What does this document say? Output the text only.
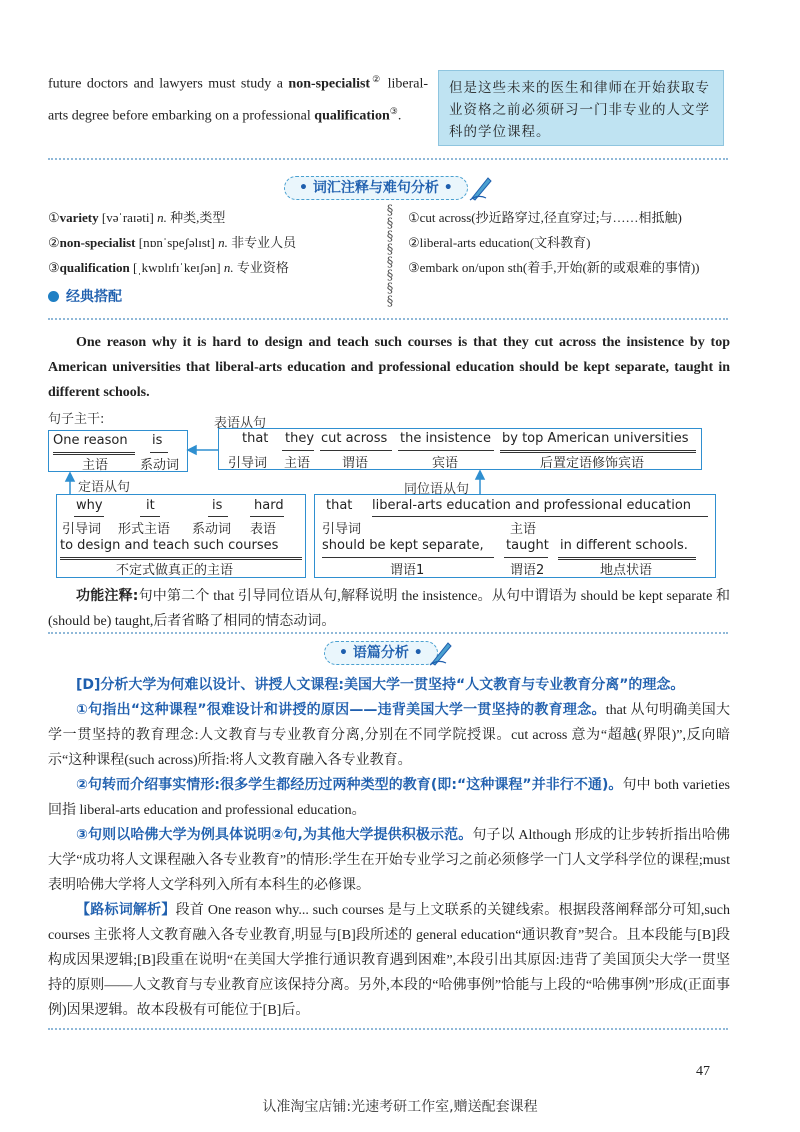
future doctors and lawyers must study a non-specialist② liberal-arts degree before embarking on a professional qualification③.
但是这些未来的医生和律师在开始获取专业资格之前必须研习一门非专业的人文学科的学位课程。
• 词汇注释与难句分析 •
①variety [vəˈraɪəti] n. 种类,类型
②non-specialist [nɒnˈspeʃəlɪst] n. 非专业人员
③qualification [ˌkwɒlɪfɪˈkeɪʃən] n. 专业资格
§
§
§
§
§
§
§
§
①cut across(抄近路穿过,径直穿过;与……相抵触)
②liberal-arts education(文科教育)
③embark on/upon sth(着手,开始(新的或艰难的事情))
经典搭配
One reason why it is hard to design and teach such courses is that they cut across the insistence by top American universities that liberal-arts education and professional education should be kept separate, taught in different schools.
句子主干:	表语从句
One reason is
主语 系动词
that they cut across the insistence by top American universities
引导词 主语 谓语	宾语	后置定语修饰宾语
定语从句	同位语从句
why	it	is hard
引导词 形式主语 系动词 表语
to design and teach such courses
不定式做真正的主语
that liberal-arts education and professional education
引导词	主语
should be kept separate, taught in different schools.
谓语1	谓语2	地点状语
功能注释:句中第二个 that 引导同位语从句,解释说明 the insistence。从句中谓语为 should be kept separate 和(should be) taught,后者省略了相同的情态动词。
• 语篇分析 •
[D]分析大学为何难以设计、讲授人文课程:美国大学一贯坚持“人文教育与专业教育分离”的理念。
①句指出“这种课程”很难设计和讲授的原因——违背美国大学一贯坚持的教育理念。that 从句明确美国大学一贯坚持的教育理念:人文教育与专业教育分离,分别在不同学院授课。cut across 意为“超越(界限)”,反向暗示“这种课程(such across)所指:将人文教育融入各专业教育。
②句转而介绍事实情形:很多学生都经历过两种类型的教育(即:“这种课程”并非行不通)。句中 both varieties 回指 liberal-arts education and professional education。
③句则以哈佛大学为例具体说明②句,为其他大学提供积极示范。句子以 Although 形成的让步转折指出哈佛大学“成功将人文课程融入各专业教育”的情形:学生在开始专业学习之前必须修学一门人文学科学位的课程;must 表明哈佛大学将人文学科列入所有本科生的必修课。
【路标词解析】段首 One reason why... such courses 是与上文联系的关键线索。根据段落阐释部分可知,such courses 主张将人文教育融入各专业教育,明显与[B]段所述的 general education“通识教育”契合。且本段能与[B]段构成因果逻辑;[B]段重在说明“在美国大学推行通识教育遇到困难”,本段引出其原因:违背了美国顶尖大学一贯坚持的原则——人文教育与专业教育应该保持分离。另外,本段的“哈佛事例”恰能与上段的“哈佛事例”形成(正面事例)因果逻辑。故本段极有可能位于[B]后。
47
认准淘宝店铺:光速考研工作室,赠送配套课程
